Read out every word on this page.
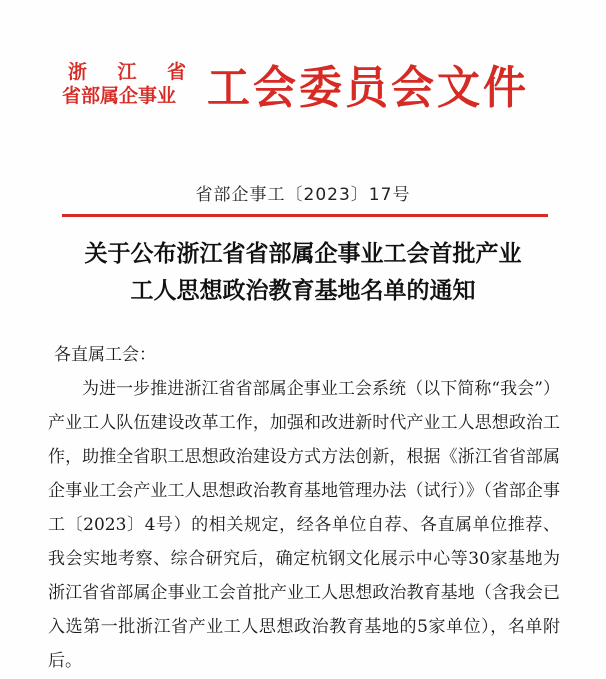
浙 江 省
省部属企事业 工会委员会文件
省部企事工〔2023〕17号
关于公布浙江省省部属企事业工会首批产业
工人思想政治教育基地名单的通知

各直属工会：

为进一步推进浙江省省部属企事业工会系统（以下简称“我会”）产业工人队伍建设改革工作，加强和改进新时代产业工人思想政治工作，助推全省职工思想政治建设方式方法创新，根据《浙江省省部属企事业工会产业工人思想政治教育基地管理办法（试行）》（省部企事工〔2023〕4号）的相关规定，经各单位自荐、各直属单位推荐、我会实地考察、综合研究后，确定杭钢文化展示中心等30家基地为浙江省省部属企事业工会首批产业工人思想政治教育基地（含我会已入选第一批浙江省产业工人思想政治教育基地的5家单位），名单附后。
